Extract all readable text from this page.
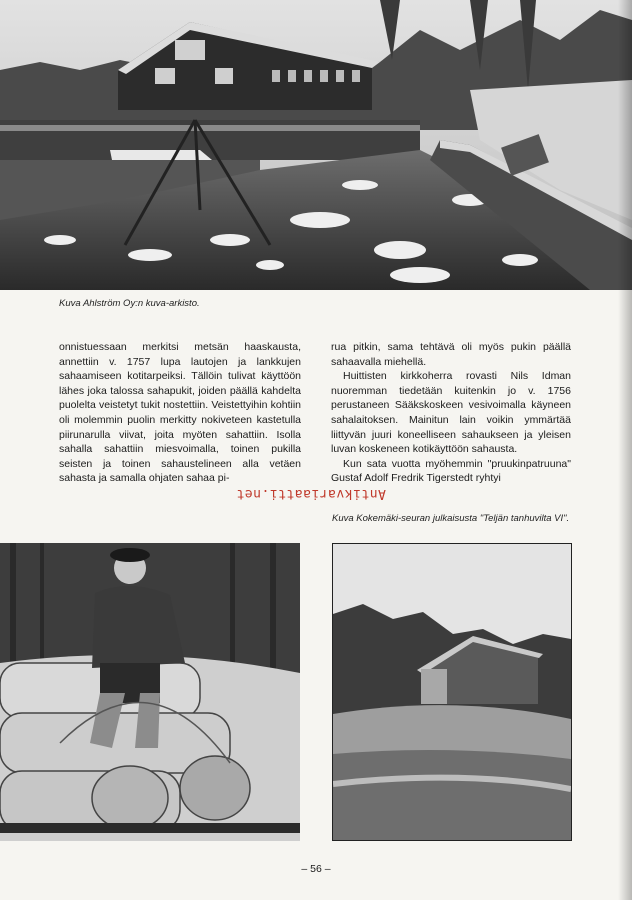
Kuva Ahlström Oy:n kuva-arkisto.

onnistuessaan merkitsi metsän haaskausta, annettiin v. 1757 lupa lautojen ja lankkujen sahaamiseen kotitarpeiksi. Tällöin tulivat käyttöön lähes joka talossa sahapukit, joiden päällä kahdelta puolelta veistetyt tukit nostettiin. Veistettyihin kohtiin oli molemmin puolin merkitty nokiveteen kastetulla piirunarulla viivat, joita myöten sahattiin. Isolla sahalla sahattiin miesvoimalla, toinen pukilla seisten ja toinen sahaustelineen alla vetäen sahasta ja samalla ohjaten sahaa pi-

rua pitkin, sama tehtävä oli myös pukin päällä sahaavalla miehellä.

Huittisten kirkkoherra rovasti Nils Idman nuoremman tiedetään kuitenkin jo v. 1756 perustaneen Sääkskoskeen vesivoimalla käyneen sahalaitoksen. Mainitun lain voikin ymmärtää liittyvän juuri koneelliseen sahaukseen ja yleisen luvan koskeneen kotikäyttöön sahausta.

Kun sata vuotta myöhemmin "pruukinpatruuna" Gustaf Adolf Fredrik Tigerstedt ryhtyi

Antikvariaatti.net
Kuva Kokemäki-seuran julkaisusta "Teljän tanhuvilta VI".
– 56 –
